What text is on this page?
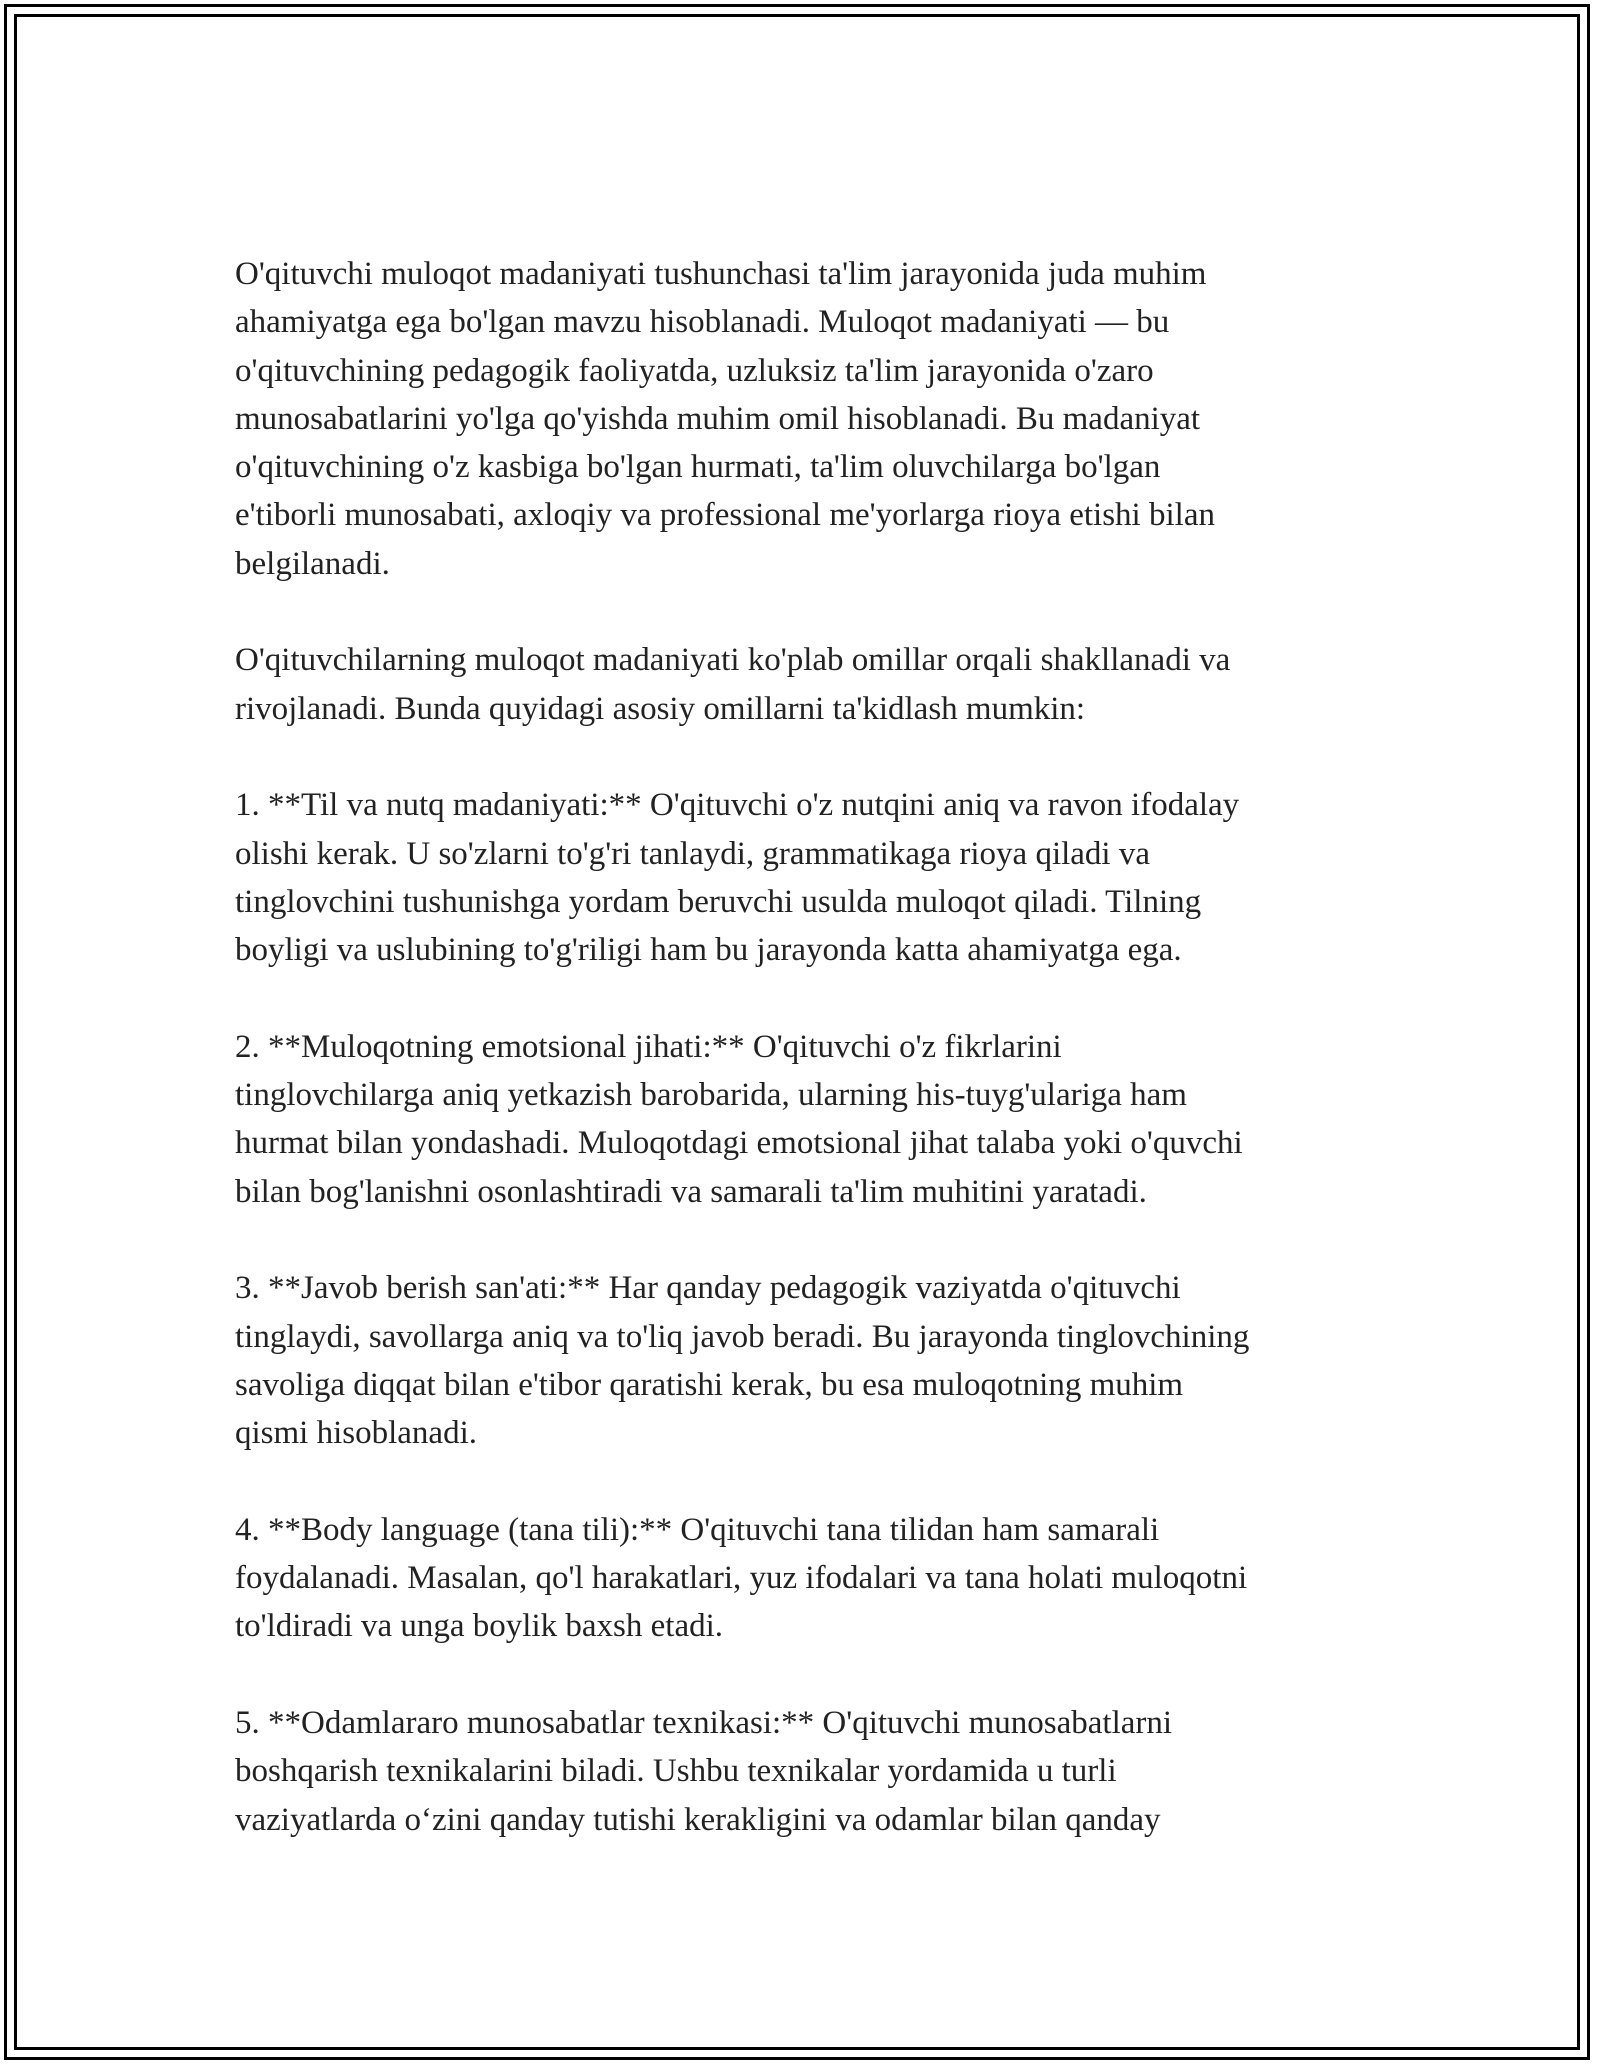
O'qituvchi muloqot madaniyati tushunchasi ta'lim jarayonida juda muhim
ahamiyatga ega bo'lgan mavzu hisoblanadi. Muloqot madaniyati — bu
o'qituvchining pedagogik faoliyatda, uzluksiz ta'lim jarayonida o'zaro
munosabatlarini yo'lga qo'yishda muhim omil hisoblanadi. Bu madaniyat
o'qituvchining o'z kasbiga bo'lgan hurmati, ta'lim oluvchilarga bo'lgan
e'tiborli munosabati, axloqiy va professional me'yorlarga rioya etishi bilan
belgilanadi.

O'qituvchilarning muloqot madaniyati ko'plab omillar orqali shakllanadi va
rivojlanadi. Bunda quyidagi asosiy omillarni ta'kidlash mumkin:

1. **Til va nutq madaniyati:** O'qituvchi o'z nutqini aniq va ravon ifodalay
olishi kerak. U so'zlarni to'g'ri tanlaydi, grammatikaga rioya qiladi va
tinglovchini tushunishga yordam beruvchi usulda muloqot qiladi. Tilning
boyligi va uslubining to'g'riligi ham bu jarayonda katta ahamiyatga ega.

2. **Muloqotning emotsional jihati:** O'qituvchi o'z fikrlarini
tinglovchilarga aniq yetkazish barobarida, ularning his-tuyg'ulariga ham
hurmat bilan yondashadi. Muloqotdagi emotsional jihat talaba yoki o'quvchi
bilan bog'lanishni osonlashtiradi va samarali ta'lim muhitini yaratadi.

3. **Javob berish san'ati:** Har qanday pedagogik vaziyatda o'qituvchi
tinglaydi, savollarga aniq va to'liq javob beradi. Bu jarayonda tinglovchining
savoliga diqqat bilan e'tibor qaratishi kerak, bu esa muloqotning muhim
qismi hisoblanadi.

4. **Body language (tana tili):** O'qituvchi tana tilidan ham samarali
foydalanadi. Masalan, qo'l harakatlari, yuz ifodalari va tana holati muloqotni
to'ldiradi va unga boylik baxsh etadi.

5. **Odamlararo munosabatlar texnikasi:** O'qituvchi munosabatlarni
boshqarish texnikalarini biladi. Ushbu texnikalar yordamida u turli
vaziyatlarda o‘zini qanday tutishi kerakligini va odamlar bilan qanday
